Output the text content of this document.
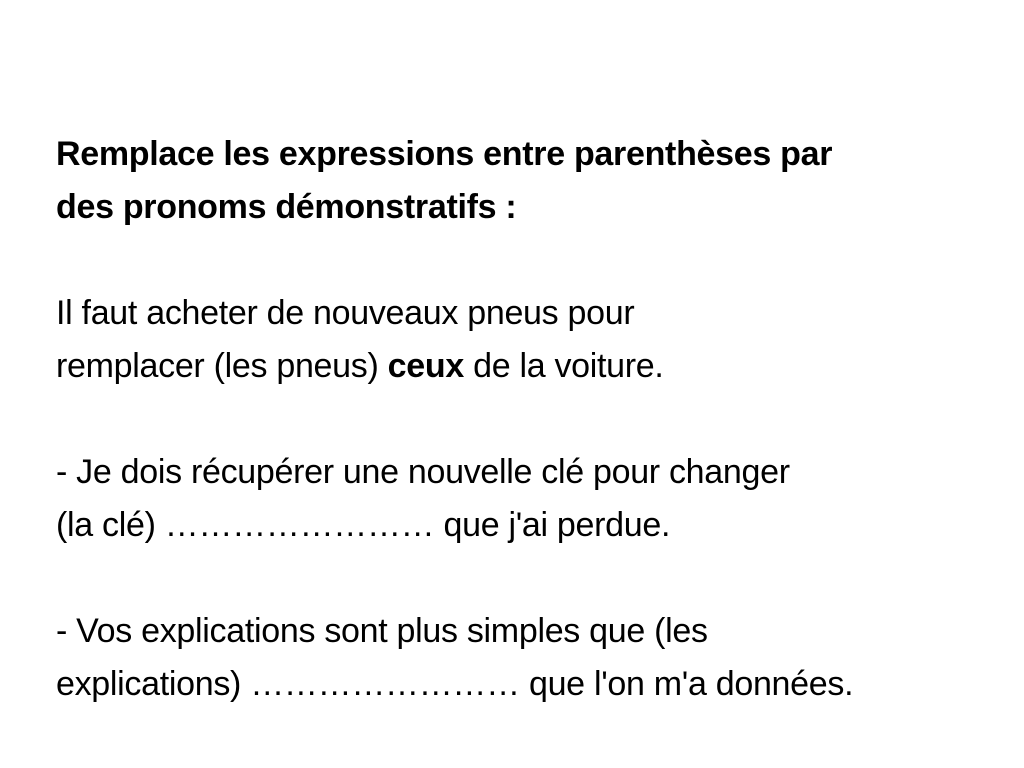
Remplace les expressions entre parenthèses par
des pronoms démonstratifs :
Il faut acheter de nouveaux pneus pour
remplacer (les pneus) ceux de la voiture.
- Je dois récupérer une nouvelle clé pour changer
(la clé) …………………… que j'ai perdue.
- Vos explications sont plus simples que (les
explications) …………………… que l'on m'a données.
